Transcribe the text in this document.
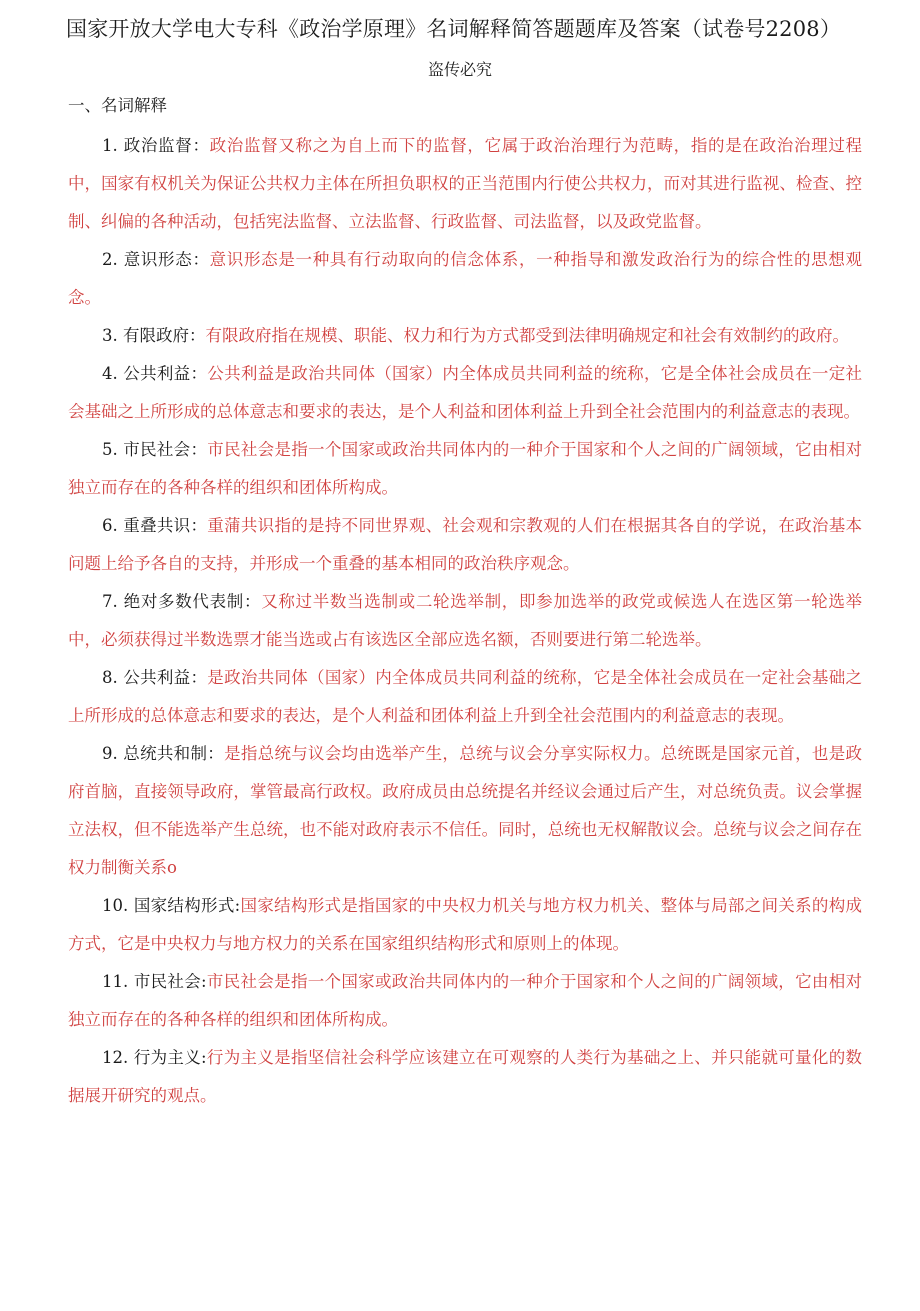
国家开放大学电大专科《政治学原理》名词解释简答题题库及答案（试卷号2208）
盗传必究
一、名词解释

1. 政治监督：政治监督又称之为自上而下的监督，它属于政治治理行为范畴，指的是在政治治理过程中，国家有权机关为保证公共权力主体在所担负职权的正当范围内行使公共权力，而对其进行监视、检查、控制、纠偏的各种活动，包括宪法监督、立法监督、行政监督、司法监督，以及政党监督。

2. 意识形态：意识形态是一种具有行动取向的信念体系，一种指导和激发政治行为的综合性的思想观念。

3. 有限政府：有限政府指在规模、职能、权力和行为方式都受到法律明确规定和社会有效制约的政府。

4. 公共利益：公共利益是政治共同体（国家）内全体成员共同利益的统称，它是全体社会成员在一定社会基础之上所形成的总体意志和要求的表达，是个人利益和团体利益上升到全社会范围内的利益意志的表现。

5. 市民社会：市民社会是指一个国家或政治共同体内的一种介于国家和个人之间的广阔领域，它由相对独立而存在的各种各样的组织和团体所构成。

6. 重叠共识：重蒲共识指的是持不同世界观、社会观和宗教观的人们在根据其各自的学说，在政治基本问题上给予各自的支持，并形成一个重叠的基本相同的政治秩序观念。

7. 绝对多数代表制：又称过半数当选制或二轮选举制，即参加选举的政党或候选人在选区第一轮选举中，必须获得过半数选票才能当选或占有该选区全部应选名额，否则要进行第二轮选举。

8. 公共利益：是政治共同体（国家）内全体成员共同利益的统称，它是全体社会成员在一定社会基础之上所形成的总体意志和要求的表达，是个人利益和团体利益上升到全社会范围内的利益意志的表现。

9. 总统共和制：是指总统与议会均由选举产生，总统与议会分享实际权力。总统既是国家元首，也是政府首脑，直接领导政府，掌管最高行政权。政府成员由总统提名并经议会通过后产生，对总统负责。议会掌握立法权，但不能选举产生总统，也不能对政府表示不信任。同时，总统也无权解散议会。总统与议会之间存在权力制衡关系o

10. 国家结构形式:国家结构形式是指国家的中央权力机关与地方权力机关、整体与局部之间关系的构成方式，它是中央权力与地方权力的关系在国家组织结构形式和原则上的体现。

11. 市民社会:市民社会是指一个国家或政治共同体内的一种介于国家和个人之间的广阔领域，它由相对独立而存在的各种各样的组织和团体所构成。

12. 行为主义:行为主义是指坚信社会科学应该建立在可观察的人类行为基础之上、并只能就可量化的数据展开研究的观点。
